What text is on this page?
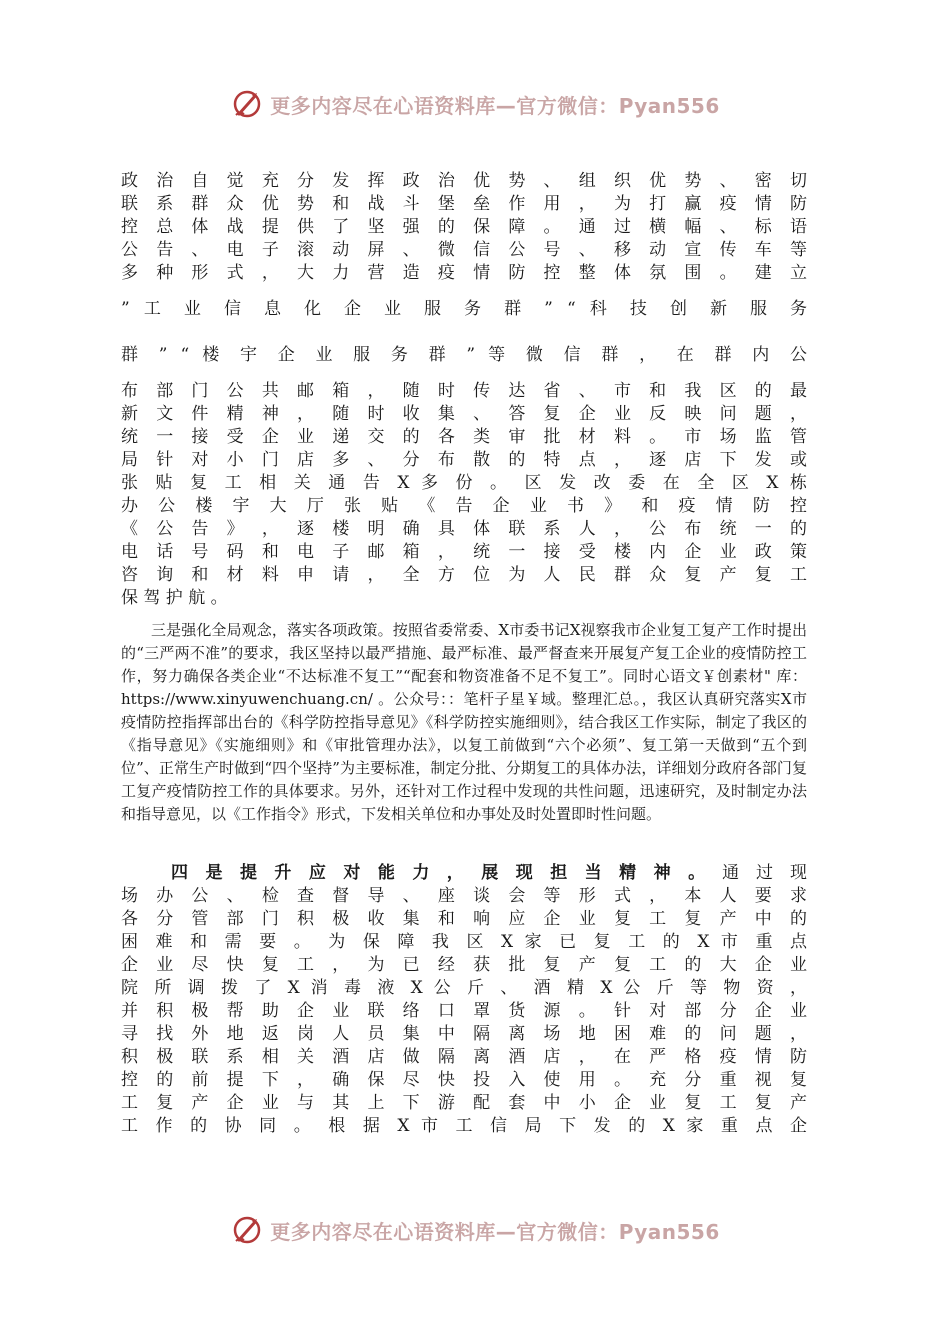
更多内容尽在心语资料库—官方微信：Pyan556
政 治 自 觉 充 分 发 挥 政 治 优 势 、 组 织 优 势 、 密 切
联 系 群 众 优 势 和 战 斗 堡 垒 作 用 ， 为 打 赢 疫 情 防
控 总 体 战 提 供 了 坚 强 的 保 障 。 通 过 横 幅 、 标 语
公 告 、 电 子 滚 动 屏 、 微 信 公 号 、 移 动 宣 传 车 等
多 种 形 式 ， 大 力 营 造 疫 情 防 控 整 体 氛 围 。 建 立
” 工 业 信 息 化 企 业 服 务 群 ” “ 科 技 创 新 服 务
群 ” “ 楼 宇 企 业 服 务 群 ” 等 微 信 群 ， 在 群 内 公
布 部 门 公 共 邮 箱 ， 随 时 传 达 省 、 市 和 我 区 的 最
新 文 件 精 神 ， 随 时 收 集 、 答 复 企 业 反 映 问 题 ，
统 一 接 受 企 业 递 交 的 各 类 审 批 材 料 。 市 场 监 管
局 针 对 小 门 店 多 、 分 布 散 的 特 点 ， 逐 店 下 发 或
张 贴 复 工 相 关 通 告 X 多 份 。 区 发 改 委 在 全 区 X 栋
办 公 楼 宇 大 厅 张 贴 《 告 企 业 书 》 和 疫 情 防 控
《 公 告 》 ， 逐 楼 明 确 具 体 联 系 人 ， 公 布 统 一 的
电 话 号 码 和 电 子 邮 箱 ， 统 一 接 受 楼 内 企 业 政 策
咨 询 和 材 料 申 请 ， 全 方 位 为 人 民 群 众 复 产 复 工
保 驾 护 航 。

三是强化全局观念，落实各项政策。按照省委常委、X市委书记X视察我市企业复工复产工作时提出的“三严两不准”的要求，我区坚持以最严措施、最严标准、最严督查来开展复产复工企业的疫情防控工作，努力确保各类企业“不达标准不复工”“配套和物资准备不足不复工”。同时心语文￥创素材" 库：https://www.xinyuwenchuang.cn/ 。公众号：：笔杆子星￥域。整理汇总。，我区认真研究落实X市疫情防控指挥部出台的《科学防控指导意见》《科学防控实施细则》，结合我区工作实际，制定了我区的《指导意见》《实施细则》和《审批管理办法》，以复工前做到“六个必须”、复工第一天做到“五个到位”、正常生产时做到“四个坚持”为主要标准，制定分批、分期复工的具体办法，详细划分政府各部门复工复产疫情防控工作的具体要求。另外，还针对工作过程中发现的共性问题，迅速研究，及时制定办法和指导意见，以《工作指令》形式，下发相关单位和办事处及时处置即时性问题。

四 是 提 升 应 对 能 力 ， 展 现 担 当 精 神 。 通 过 现
场 办 公 、 检 查 督 导 、 座 谈 会 等 形 式 ， 本 人 要 求
各 分 管 部 门 积 极 收 集 和 响 应 企 业 复 工 复 产 中 的
困 难 和 需 要 。 为 保 障 我 区 X 家 已 复 工 的 X 市 重 点
企 业 尽 快 复 工 ， 为 已 经 获 批 复 产 复 工 的 大 企 业
院 所 调 拨 了 X 消 毒 液 X 公 斤 、 酒 精 X 公 斤 等 物 资 ，
并 积 极 帮 助 企 业 联 络 口 罩 货 源 。 针 对 部 分 企 业
寻 找 外 地 返 岗 人 员 集 中 隔 离 场 地 困 难 的 问 题 ，
积 极 联 系 相 关 酒 店 做 隔 离 酒 店 ， 在 严 格 疫 情 防
控 的 前 提 下 ， 确 保 尽 快 投 入 使 用 。 充 分 重 视 复
工 复 产 企 业 与 其 上 下 游 配 套 中 小 企 业 复 工 复 产
工 作 的 协 同 。 根 据 X 市 工 信 局 下 发 的 X 家 重 点 企
更多内容尽在心语资料库—官方微信：Pyan556
